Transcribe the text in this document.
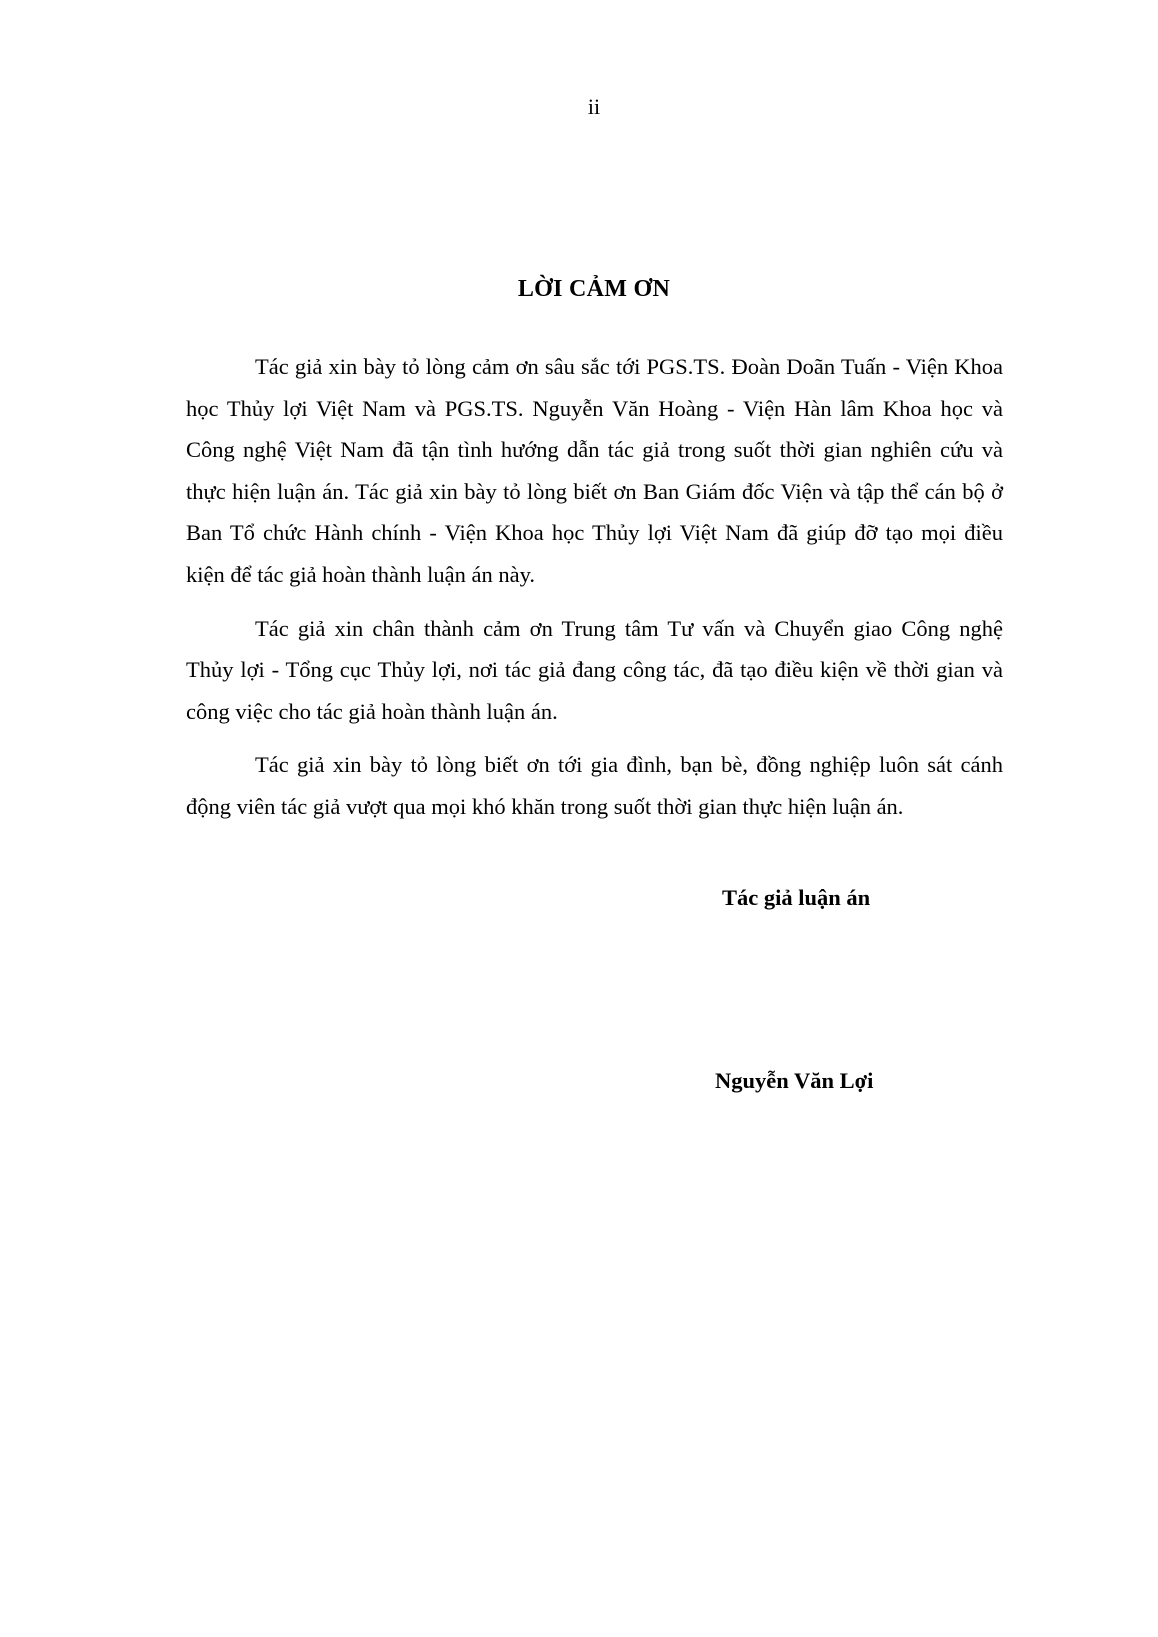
ii
LỜI CẢM ƠN

Tác giả xin bày tỏ lòng cảm ơn sâu sắc tới PGS.TS. Đoàn Doãn Tuấn - Viện Khoa học Thủy lợi Việt Nam và PGS.TS. Nguyễn Văn Hoàng - Viện Hàn lâm Khoa học và Công nghệ Việt Nam đã tận tình hướng dẫn tác giả trong suốt thời gian nghiên cứu và thực hiện luận án. Tác giả xin bày tỏ lòng biết ơn Ban Giám đốc Viện và tập thể cán bộ ở Ban Tổ chức Hành chính - Viện Khoa học Thủy lợi Việt Nam đã giúp đỡ tạo mọi điều kiện để tác giả hoàn thành luận án này.

Tác giả xin chân thành cảm ơn Trung tâm Tư vấn và Chuyển giao Công nghệ Thủy lợi - Tổng cục Thủy lợi, nơi tác giả đang công tác, đã tạo điều kiện về thời gian và công việc cho tác giả hoàn thành luận án.

Tác giả xin bày tỏ lòng biết ơn tới gia đình, bạn bè, đồng nghiệp luôn sát cánh động viên tác giả vượt qua mọi khó khăn trong suốt thời gian thực hiện luận án.

Tác giả luận án
Nguyễn Văn Lợi
